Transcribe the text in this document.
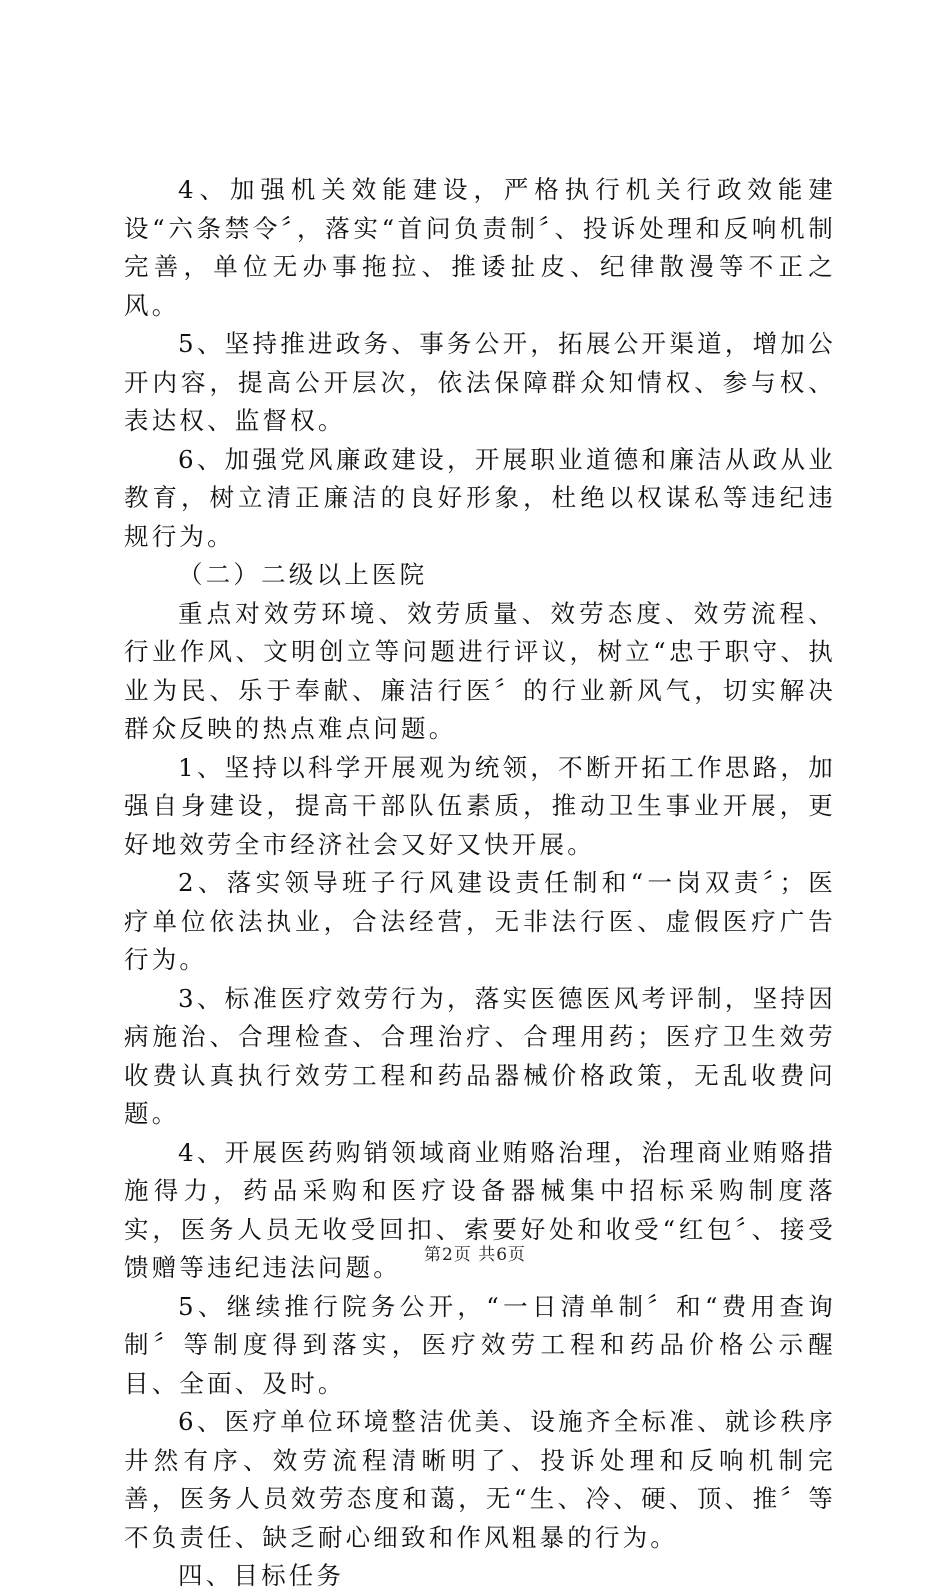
4、加强机关效能建设，严格执行机关行政效能建设“六条禁令〞，落实“首问负责制〞、投诉处理和反响机制完善，单位无办事拖拉、推诿扯皮、纪律散漫等不正之风。

5、坚持推进政务、事务公开，拓展公开渠道，增加公开内容，提高公开层次，依法保障群众知情权、参与权、表达权、监督权。

6、加强党风廉政建设，开展职业道德和廉洁从政从业教育，树立清正廉洁的良好形象，杜绝以权谋私等违纪违规行为。

（二）二级以上医院

重点对效劳环境、效劳质量、效劳态度、效劳流程、行业作风、文明创立等问题进行评议，树立“忠于职守、执业为民、乐于奉献、廉洁行医〞的行业新风气，切实解决群众反映的热点难点问题。

1、坚持以科学开展观为统领，不断开拓工作思路，加强自身建设，提高干部队伍素质，推动卫生事业开展，更好地效劳全市经济社会又好又快开展。

2、落实领导班子行风建设责任制和“一岗双责〞；医疗单位依法执业，合法经营，无非法行医、虚假医疗广告行为。

3、标准医疗效劳行为，落实医德医风考评制，坚持因病施治、合理检查、合理治疗、合理用药；医疗卫生效劳收费认真执行效劳工程和药品器械价格政策，无乱收费问题。

4、开展医药购销领域商业贿赂治理，治理商业贿赂措施得力，药品采购和医疗设备器械集中招标采购制度落实，医务人员无收受回扣、索要好处和收受“红包〞、接受馈赠等违纪违法问题。

5、继续推行院务公开，“一日清单制〞和“费用查询制〞等制度得到落实，医疗效劳工程和药品价格公示醒目、全面、及时。

6、医疗单位环境整洁优美、设施齐全标准、就诊秩序井然有序、效劳流程清晰明了、投诉处理和反响机制完善，医务人员效劳态度和蔼，无“生、冷、硬、顶、推〞等不负责任、缺乏耐心细致和作风粗暴的行为。

四、目标任务

第2页 共6页
